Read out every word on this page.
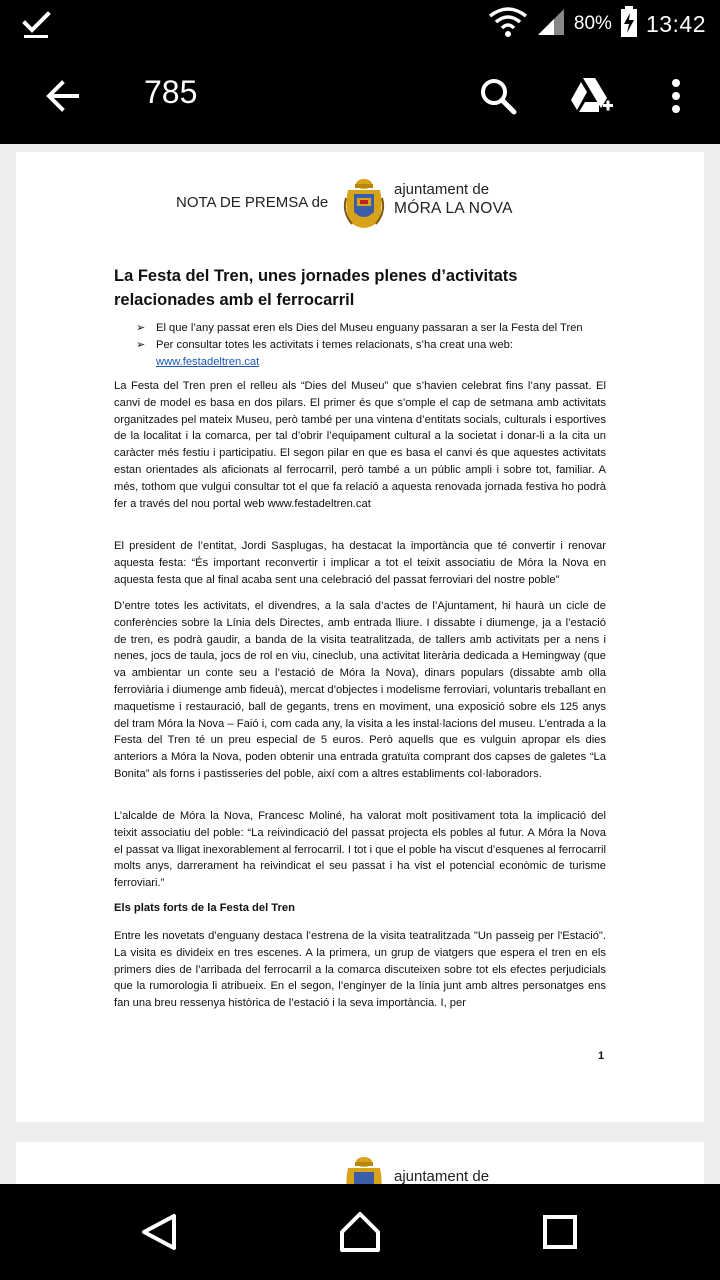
80% 13:42
785
NOTA DE PREMSA de
ajuntament de
MÓRA LA NOVA
La Festa del Tren, unes jornades plenes d’activitats relacionades amb el ferrocarril
➢ El que l’any passat eren els Dies del Museu enguany passaran a ser la Festa del Tren
➢ Per consultar totes les activitats i temes relacionats, s’ha creat una web:
www.festadeltren.cat
La Festa del Tren pren el relleu als “Dies del Museu” que s’havien celebrat fins l’any passat. El canvi de model es basa en dos pilars. El primer és que s’omple el cap de setmana amb activitats organitzades pel mateix Museu, però també per una vintena d’entitats socials, culturals i esportives de la localitat i la comarca, per tal d’obrir l’equipament cultural a la societat i donar-li a la cita un caràcter més festiu i participatiu. El segon pilar en que es basa el canvi és que aquestes activitats estan orientades als aficionats al ferrocarril, però també a un públic ampli i sobre tot, familiar. A més, tothom que vulgui consultar tot el que fa relació a aquesta renovada jornada festiva ho podrà fer a través del nou portal web www.festadeltren.cat
El president de l’entitat, Jordi Sasplugas, ha destacat la importància que té convertir i renovar aquesta festa: “És important reconvertir i implicar a tot el teixit associatiu de Móra la Nova en aquesta festa que al final acaba sent una celebració del passat ferroviari del nostre poble”
D’entre totes les activitats, el divendres, a la sala d’actes de l’Ajuntament, hi haurà un cicle de conferències sobre la Línia dels Directes, amb entrada lliure. I dissabte i diumenge, ja a l’estació de tren, es podrà gaudir, a banda de la visita teatralitzada, de tallers amb activitats per a nens i nenes, jocs de taula, jocs de rol en viu, cineclub, una activitat literària dedicada a Hemingway (que va ambientar un conte seu a l’estació de Móra la Nova), dinars populars (dissabte amb olla ferroviària i diumenge amb fideuà), mercat d’objectes i modelisme ferroviari, voluntaris treballant en maquetisme i restauració, ball de gegants, trens en moviment, una exposició sobre els 125 anys del tram Móra la Nova – Faió i, com cada any, la visita a les instal·lacions del museu. L’entrada a la Festa del Tren té un preu especial de 5 euros. Però aquells que es vulguin apropar els dies anteriors a Móra la Nova, poden obtenir una entrada gratuïta comprant dos capses de galetes “La Bonita” als forns i pastisseries del poble, així com a altres establiments col·laboradors.
L’alcalde de Móra la Nova, Francesc Moliné, ha valorat molt positivament tota la implicació del teixit associatiu del poble: “La reivindicació del passat projecta els pobles al futur. A Móra la Nova el passat va lligat inexorablement al ferrocarril. I tot i que el poble ha viscut d’esquenes al ferrocarril molts anys, darrerament ha reivindicat el seu passat i ha vist el potencial econòmic de turisme ferroviari.”
Els plats forts de la Festa del Tren
Entre les novetats d’enguany destaca l’estrena de la visita teatralitzada "Un passeig per l'Estació". La visita es divideix en tres escenes. A la primera, un grup de viatgers que espera el tren en els primers dies de l’arribada del ferrocarril a la comarca discuteixen sobre tot els efectes perjudicials que la rumorologia li atribueix. En el segon, l’enginyer de la línia junt amb altres personatges ens fan una breu ressenya històrica de l’estació i la seva importància. I, per
1
ajuntament de
